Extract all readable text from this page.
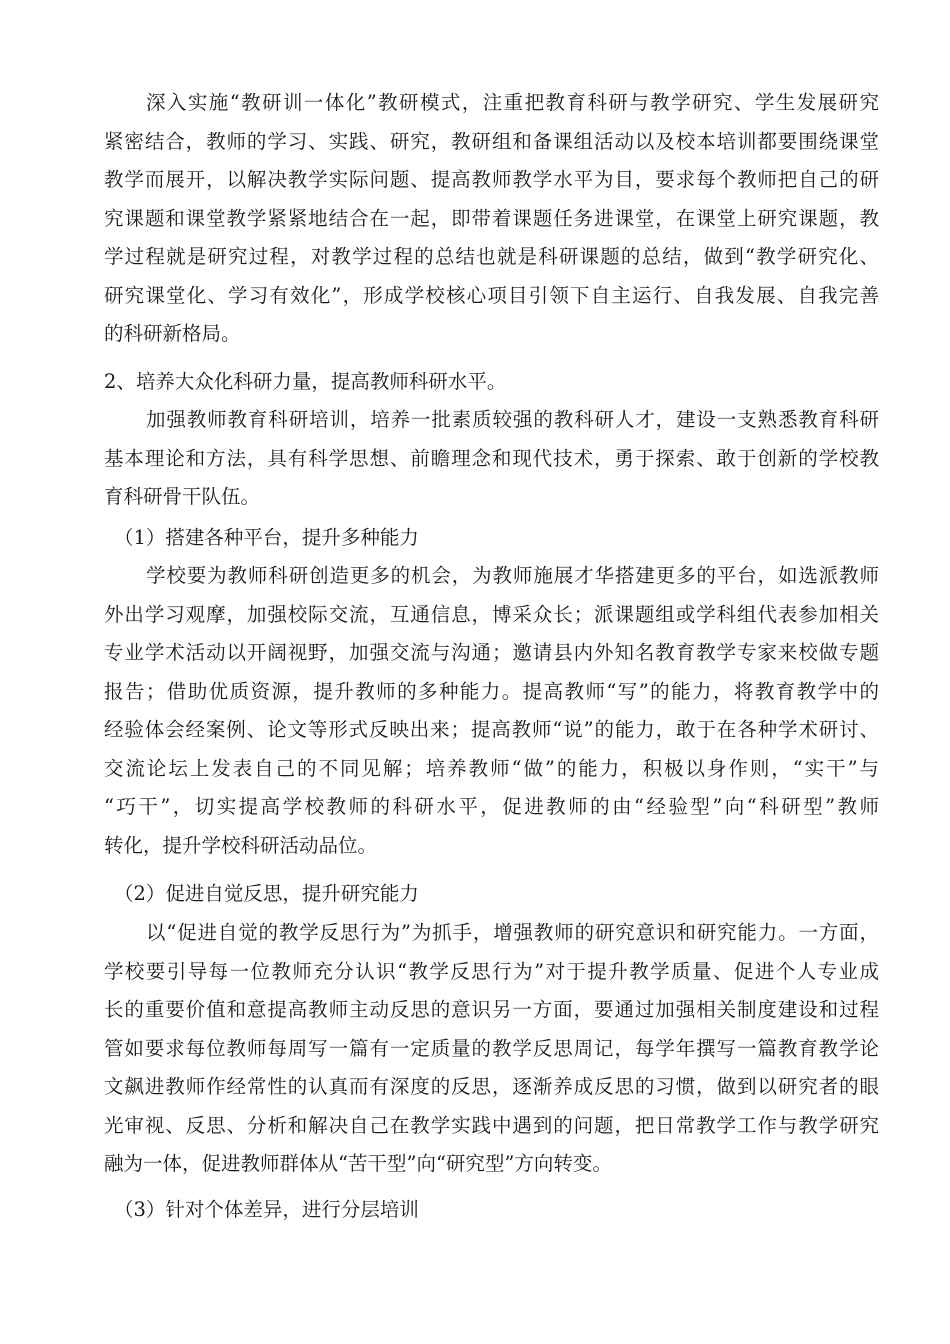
深入实施“教研训一体化”教研模式，注重把教育科研与教学研究、学生发展研究
紧密结合，教师的学习、实践、研究，教研组和备课组活动以及校本培训都要围绕课堂
教学而展开，以解决教学实际问题、提高教师教学水平为目，要求每个教师把自己的研
究课题和课堂教学紧紧地结合在一起，即带着课题任务进课堂，在课堂上研究课题，教
学过程就是研究过程，对教学过程的总结也就是科研课题的总结，做到“教学研究化、
研究课堂化、学习有效化”，形成学校核心项目引领下自主运行、自我发展、自我完善
的科研新格局。
2、培养大众化科研力量，提高教师科研水平。
加强教师教育科研培训，培养一批素质较强的教科研人才，建设一支熟悉教育科研
基本理论和方法，具有科学思想、前瞻理念和现代技术，勇于探索、敢于创新的学校教
育科研骨干队伍。
（1）搭建各种平台，提升多种能力
学校要为教师科研创造更多的机会，为教师施展才华搭建更多的平台，如选派教师
外出学习观摩，加强校际交流，互通信息，博采众长；派课题组或学科组代表参加相关
专业学术活动以开阔视野，加强交流与沟通；邀请县内外知名教育教学专家来校做专题
报告；借助优质资源，提升教师的多种能力。提高教师“写”的能力，将教育教学中的
经验体会经案例、论文等形式反映出来；提高教师“说”的能力，敢于在各种学术研讨、
交流论坛上发表自己的不同见解；培养教师“做”的能力，积极以身作则，“实干”与
“巧干”，切实提高学校教师的科研水平，促进教师的由“经验型”向“科研型”教师
转化，提升学校科研活动品位。
（2）促进自觉反思，提升研究能力
以“促进自觉的教学反思行为”为抓手，增强教师的研究意识和研究能力。一方面，
学校要引导每一位教师充分认识“教学反思行为”对于提升教学质量、促进个人专业成
长的重要价值和意提高教师主动反思的意识另一方面，要通过加强相关制度建设和过程
管如要求每位教师每周写一篇有一定质量的教学反思周记，每学年撰写一篇教育教学论
文飙进教师作经常性的认真而有深度的反思，逐渐养成反思的习惯，做到以研究者的眼
光审视、反思、分析和解决自己在教学实践中遇到的问题，把日常教学工作与教学研究
融为一体，促进教师群体从“苦干型”向“研究型”方向转变。
（3）针对个体差异，进行分层培训
